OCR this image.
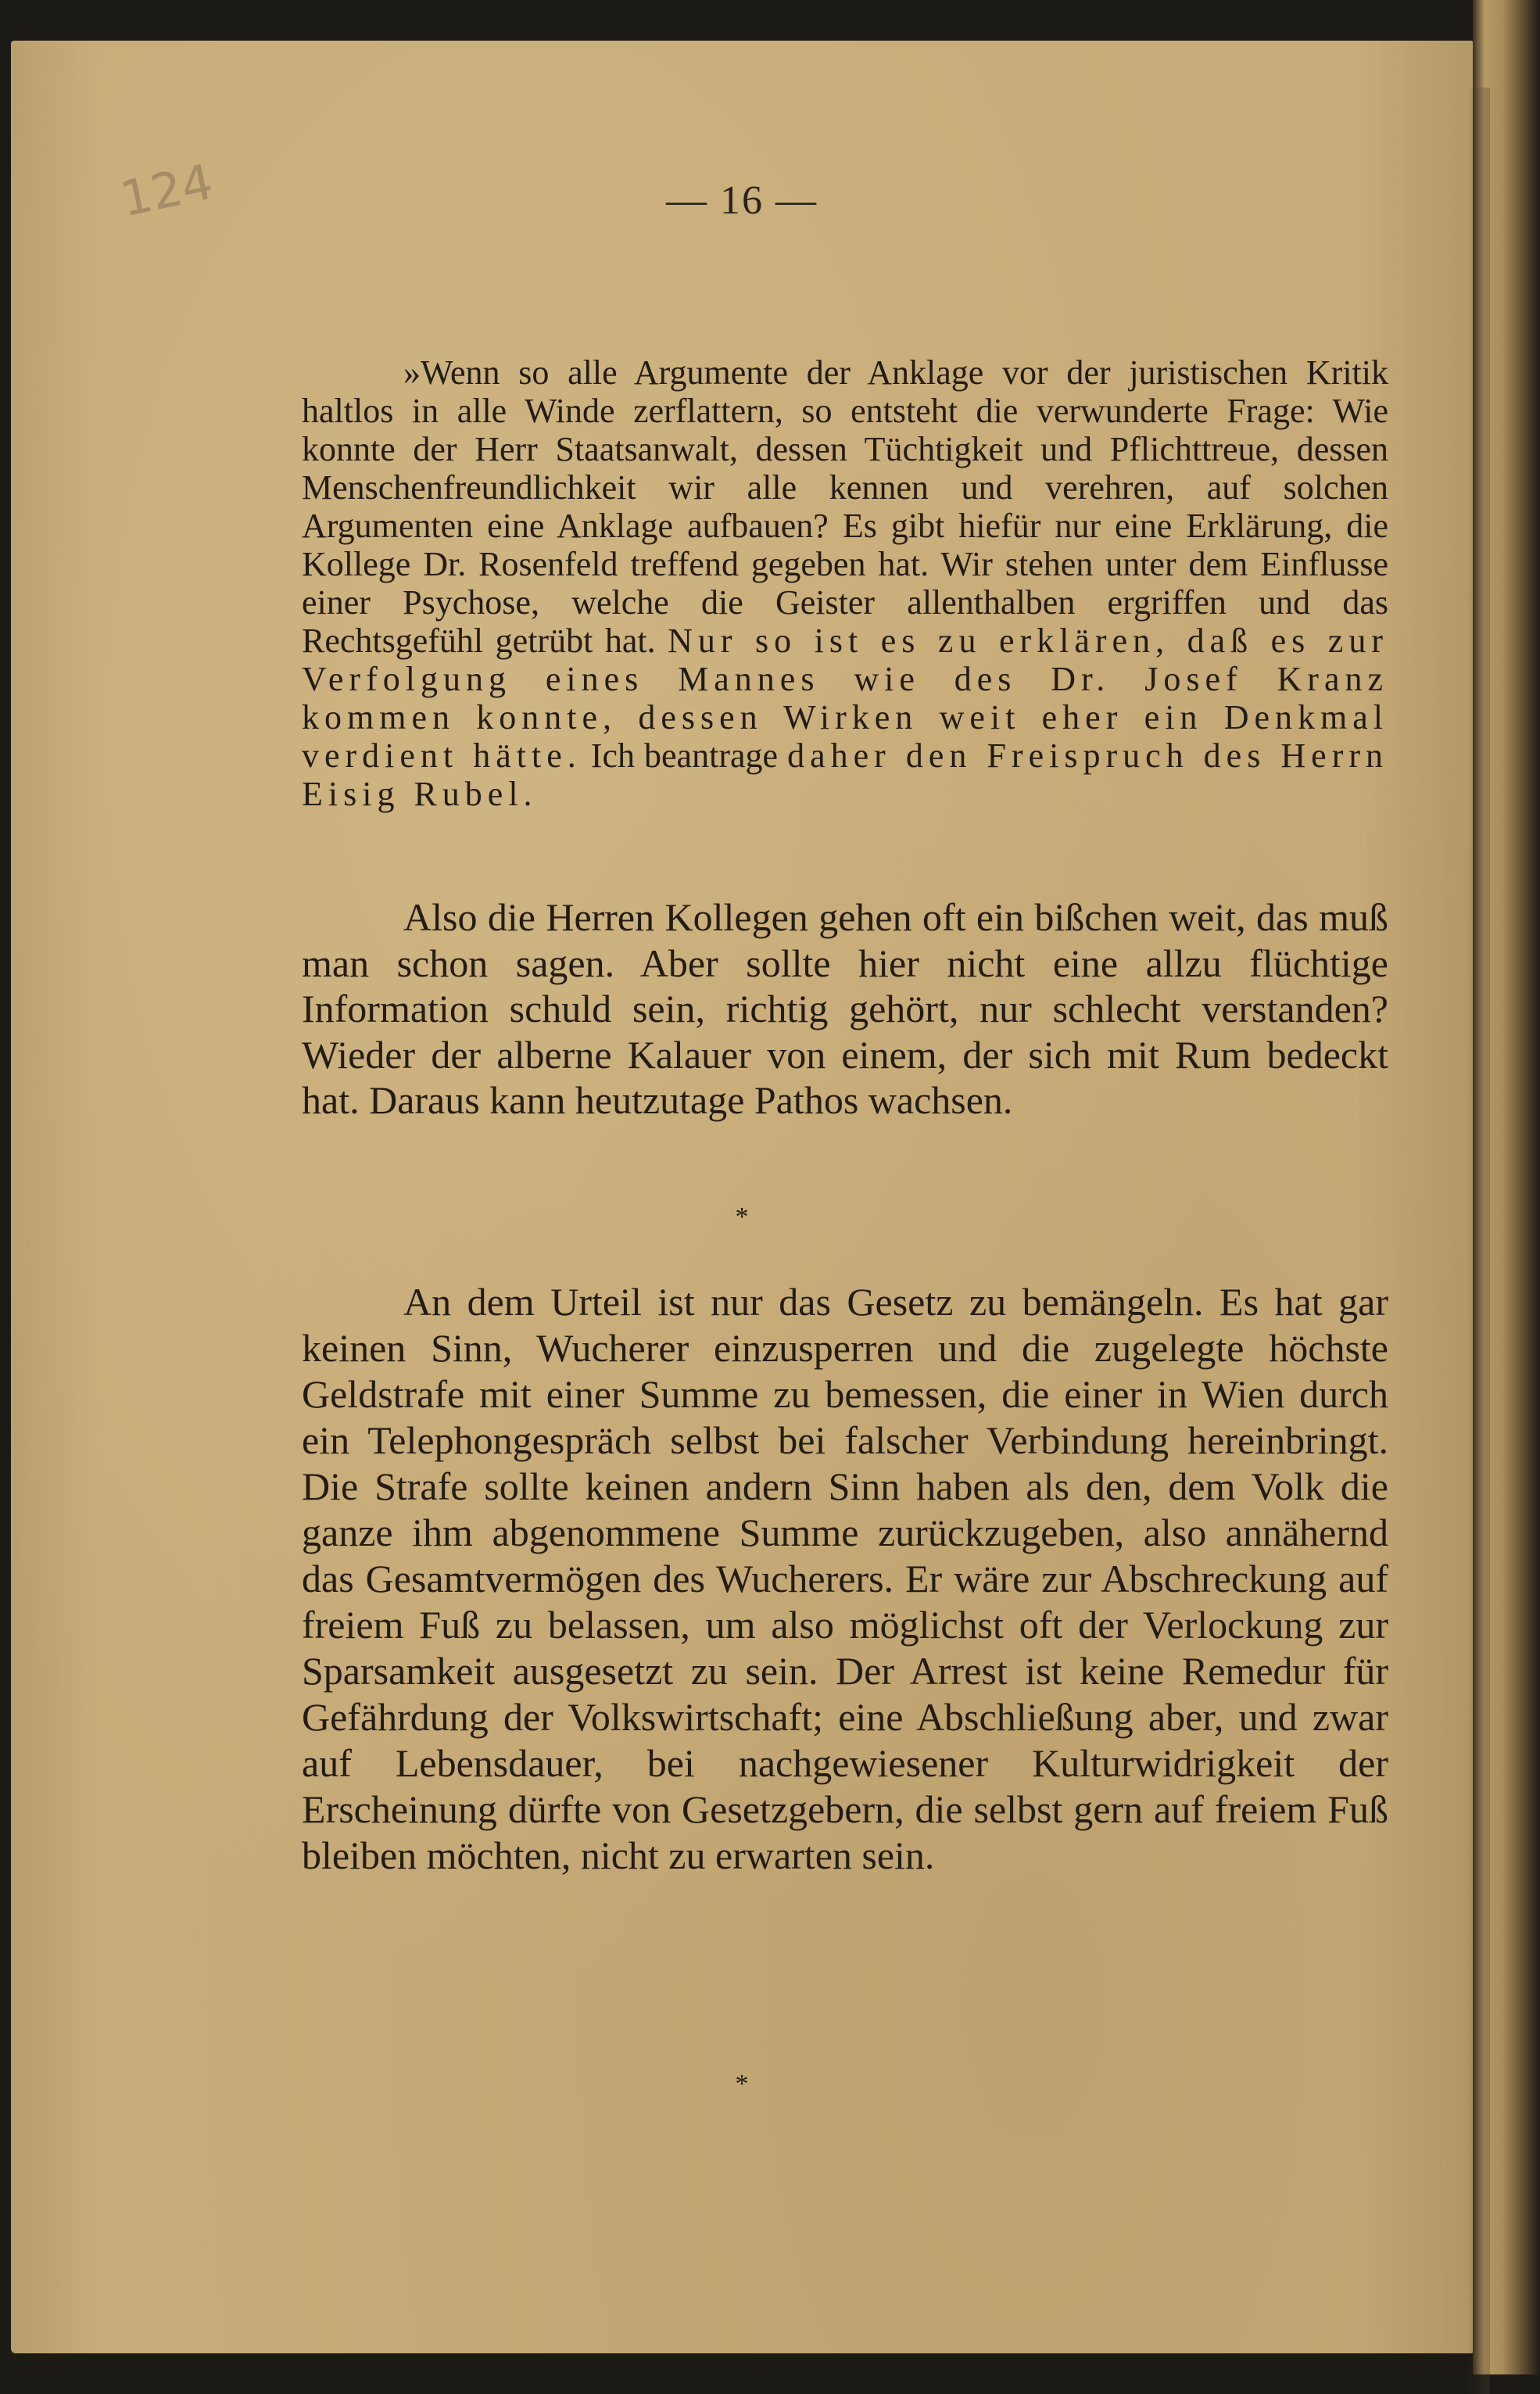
124	— 16 —

»Wenn so alle Argumente der Anklage vor der juristischen Kritik haltlos in alle Winde zerflattern, so entsteht die verwunderte Frage: Wie konnte der Herr Staatsanwalt, dessen Tüchtigkeit und Pflichttreue, dessen Menschenfreundlichkeit wir alle kennen und verehren, auf solchen Argumenten eine Anklage aufbauen? Es gibt hiefür nur eine Erklärung, die Kollege Dr. Rosenfeld treffend gegeben hat. Wir stehen unter dem Einflusse einer Psychose, welche die Geister allenthalben ergriffen und das Rechtsgefühl getrübt hat. Nur so ist es zu erklären, daß es zur Verfolgung eines Mannes wie des Dr. Josef Kranz kommen konnte, dessen Wirken weit eher ein Denkmal verdient hätte. Ich beantrage daher den Freispruch des Herrn Eisig Rubel.

Also die Herren Kollegen gehen oft ein bißchen weit, das muß man schon sagen. Aber sollte hier nicht eine allzu flüchtige Information schuld sein, richtig gehört, nur schlecht verstanden? Wieder der alberne Kalauer von einem, der sich mit Rum bedeckt hat. Daraus kann heutzutage Pathos wachsen.

*

An dem Urteil ist nur das Gesetz zu bemängeln. Es hat gar keinen Sinn, Wucherer einzusperren und die zugelegte höchste Geldstrafe mit einer Summe zu bemessen, die einer in Wien durch ein Telephongespräch selbst bei falscher Verbindung hereinbringt. Die Strafe sollte keinen andern Sinn haben als den, dem Volk die ganze ihm abgenommene Summe zurückzugeben, also annähernd das Gesamtvermögen des Wucherers. Er wäre zur Abschreckung auf freiem Fuß zu belassen, um also möglichst oft der Verlockung zur Sparsamkeit ausgesetzt zu sein. Der Arrest ist keine Remedur für Gefährdung der Volkswirtschaft; eine Abschließung aber, und zwar auf Lebensdauer, bei nachgewiesener Kulturwidrigkeit der Erscheinung dürfte von Gesetzgebern, die selbst gern auf freiem Fuß bleiben möchten, nicht zu erwarten sein.

*
